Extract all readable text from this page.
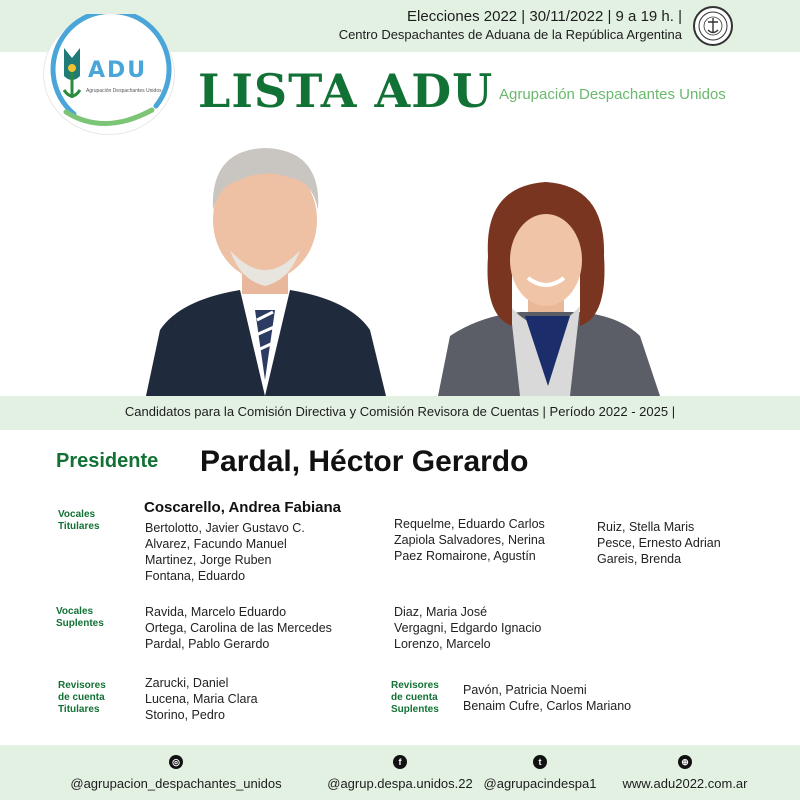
Elecciones 2022 | 30/11/2022 | 9 a 19 h. |
Centro Despachantes de Aduana de la República Argentina
ADU
Agrupación Despachantes Unidos LISTA ADU Agrupación Despachantes Unidos
Candidatos para la Comisión Directiva y Comisión Revisora de Cuentas | Período 2022 - 2025 |
Presidente Pardal, Héctor Gerardo
Vocales
Titulares
Coscarello, Andrea Fabiana
Bertolotto, Javier Gustavo C.
Alvarez, Facundo Manuel
Martinez, Jorge Ruben
Fontana, Eduardo
Requelme, Eduardo Carlos
Zapiola Salvadores, Nerina
Paez Romairone, Agustín
Ruiz, Stella Maris
Pesce, Ernesto Adrian
Gareis, Brenda
Vocales
Suplentes
Ravida, Marcelo Eduardo
Ortega, Carolina de las Mercedes
Pardal, Pablo Gerardo
Diaz, Maria José
Vergagni, Edgardo Ignacio
Lorenzo, Marcelo
Revisores
de cuenta
Titulares
Zarucki, Daniel
Lucena, Maria Clara
Storino, Pedro
Revisores
de cuenta
Suplentes
Pavón, Patricia Noemi
Benaim Cufre, Carlos Mariano
◎
@agrupacion_despachantes_unidos
f
@agrup.despa.unidos.22
t
@agrupacindespa1
⊕
www.adu2022.com.ar
